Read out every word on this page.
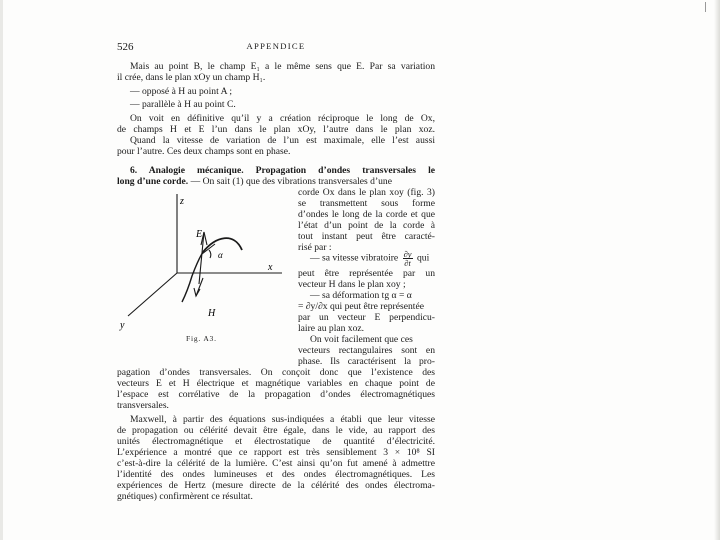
526	APPENDICE
Mais au point B, le champ E₁ a le même sens que E. Par sa variation
il crée, dans le plan xOy un champ H₁.
— opposé à H au point A ;
— parallèle à H au point C.
On voit en définitive qu’il y a création réciproque le long de Ox,
de champs H et E l’un dans le plan xOy, l’autre dans le plan xoz.
Quand la vitesse de variation de l’un est maximale, elle l’est aussi
pour l’autre. Ces deux champs sont en phase.
6. Analogie mécanique. Propagation d’ondes transversales le
long d’une corde. — On sait (1) que des vibrations transversales d’une
corde Ox dans le plan xoy (fig. 3)
se transmettent sous forme
d’ondes le long de la corde et que
l’état d’un point de la corde à
tout instant peut être caracté-
risé par :
— sa vitesse vibratoire $\frac{\partial y}{\partial t}$ qui
peut être représentée par un
vecteur H dans le plan xoy ;
— sa déformation tg α = α
= ∂y/∂x qui peut être représentée
par un vecteur E perpendicu-
laire au plan xoz.
On voit facilement que ces
vecteurs rectangulaires sont en
phase. Ils caractérisent la pro-
pagation d’ondes transversales. On conçoit donc que l’existence des
vecteurs E et H électrique et magnétique variables en chaque point de
l’espace est corrélative de la propagation d’ondes électromagnétiques
transversales.
Maxwell, à partir des équations sus-indiquées a établi que leur vitesse
de propagation ou célérité devait être égale, dans le vide, au rapport des
unités électromagnétique et électrostatique de quantité d’électricité.
L’expérience a montré que ce rapport est très sensiblement 3 × 10⁸ SI
c’est-à-dire la célérité de la lumière. C’est ainsi qu’on fut amené à admettre
l’identité des ondes lumineuses et des ondes électromagnétiques. Les
expériences de Hertz (mesure directe de la célérité des ondes électroma-
gnétiques) confirmèrent ce résultat.
z
x
y
E
H
α
Fig. A3.
